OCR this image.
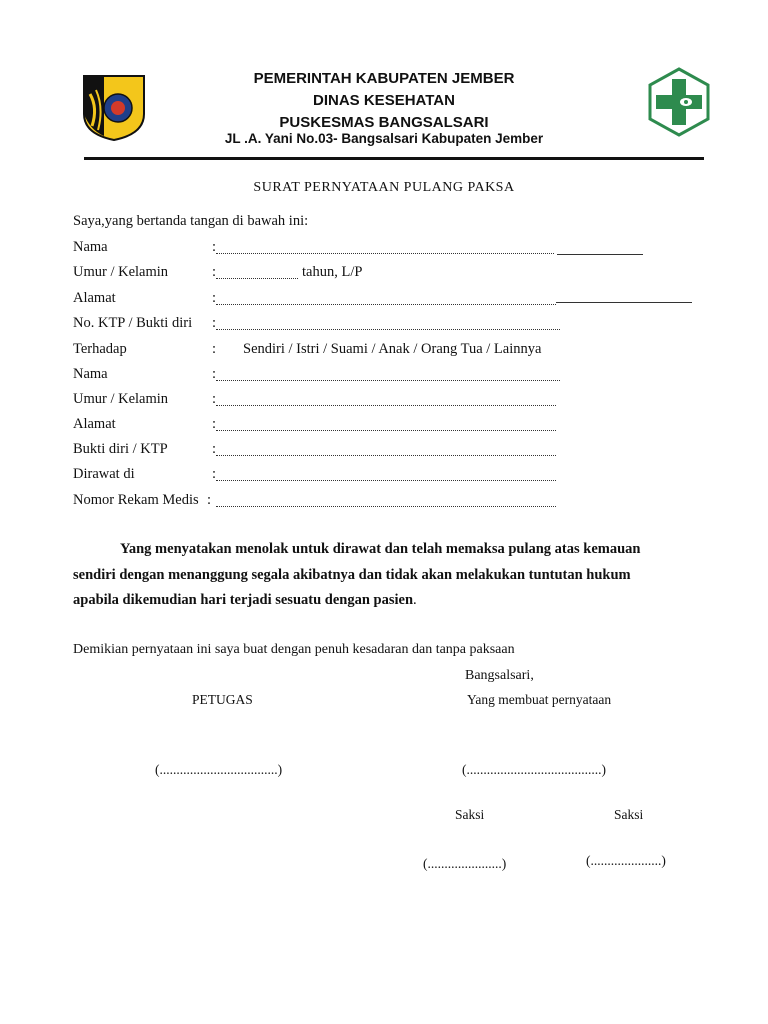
PEMERINTAH KABUPATEN JEMBER
DINAS KESEHATAN
PUSKESMAS BANGSALSARI
JL .A. Yani No.03- Bangsalsari Kabupaten Jember
SURAT PERNYATAAN PULANG PAKSA
Saya,yang bertanda tangan di bawah ini:
Nama	:
Umur / Kelamin	:	tahun, L/P
Alamat	:
No. KTP / Bukti diri :
Terhadap	: Sendiri / Istri / Suami / Anak / Orang Tua / Lainnya
Nama	:
Umur / Kelamin	:
Alamat	:
Bukti diri / KTP	:
Dirawat di	:
Nomor Rekam Medis :
Yang menyatakan menolak untuk dirawat dan telah memaksa pulang atas kemauan
sendiri dengan menanggung segala akibatnya dan tidak akan melakukan tuntutan hukum
apabila dikemudian hari terjadi sesuatu dengan pasien.
Demikian pernyataan ini saya buat dengan penuh kesadaran dan tanpa paksaan
Bangsalsari,
PETUGAS	Yang membuat pernyataan
(...................................)	(........................................)
Saksi	Saksi
(......................)	(.....................)
